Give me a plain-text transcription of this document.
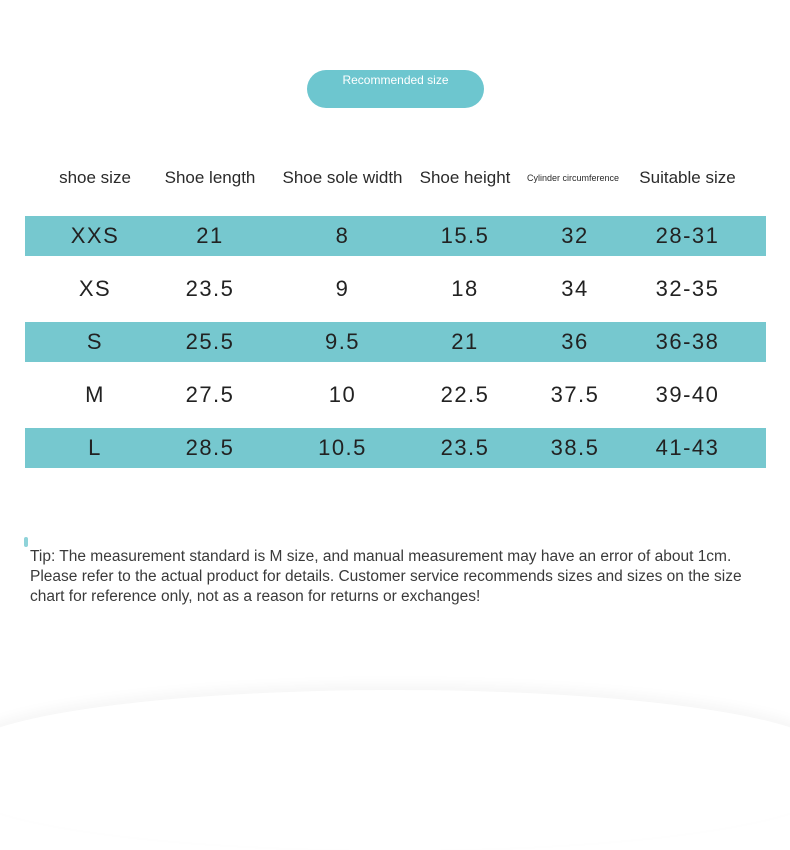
Recommended size
shoe size	Shoe length	Shoe sole width	Shoe height	Cylinder circumference	Suitable size
XXS	21	8	15.5	32	28-31
XS	23.5	9	18	34	32-35
S	25.5	9.5	21	36	36-38
M	27.5	10	22.5	37.5	39-40
L	28.5	10.5	23.5	38.5	41-43

Tip: The measurement standard is M size, and manual measurement may have an error of about 1cm. Please refer to the actual product for details. Customer service recommends sizes and sizes on the size chart for reference only, not as a reason for returns or exchanges!
